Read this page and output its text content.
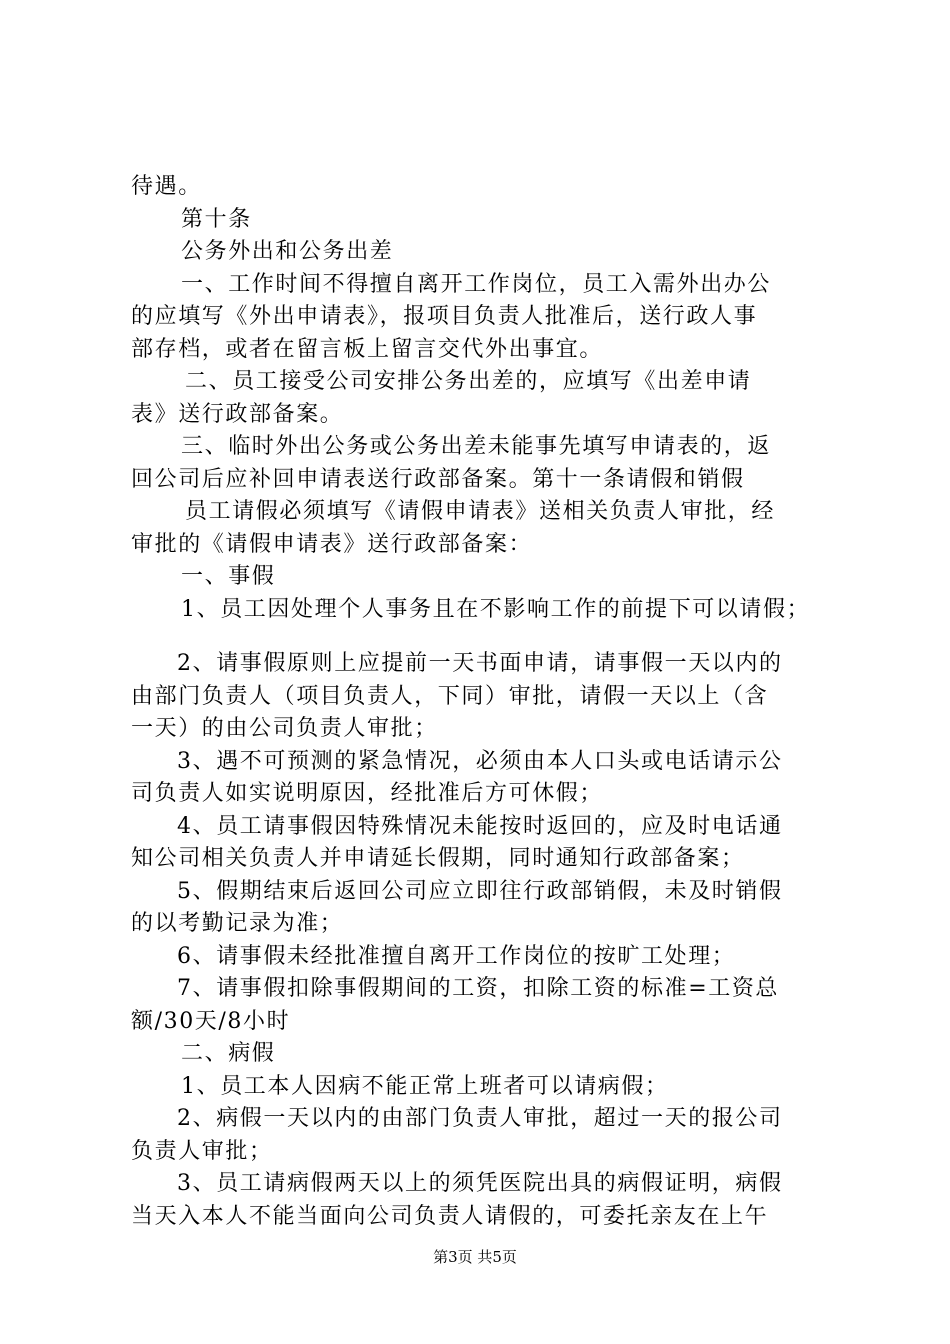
待遇。
第十条
公务外出和公务出差
一、工作时间不得擅自离开工作岗位，员工入需外出办公
的应填写《外出申请表》，报项目负责人批准后，送行政人事
部存档，或者在留言板上留言交代外出事宜。
二、员工接受公司安排公务出差的，应填写《出差申请
表》送行政部备案。
三、临时外出公务或公务出差未能事先填写申请表的，返
回公司后应补回申请表送行政部备案。第十一条请假和销假
员工请假必须填写《请假申请表》送相关负责人审批，经
审批的《请假申请表》送行政部备案：
一、事假
1、员工因处理个人事务且在不影响工作的前提下可以请假；
2、请事假原则上应提前一天书面申请，请事假一天以内的
由部门负责人（项目负责人，下同）审批，请假一天以上（含
一天）的由公司负责人审批；
3、遇不可预测的紧急情况，必须由本人口头或电话请示公
司负责人如实说明原因，经批准后方可休假；
4、员工请事假因特殊情况未能按时返回的，应及时电话通
知公司相关负责人并申请延长假期，同时通知行政部备案；
5、假期结束后返回公司应立即往行政部销假，未及时销假
的以考勤记录为准；
6、请事假未经批准擅自离开工作岗位的按旷工处理；
7、请事假扣除事假期间的工资，扣除工资的标准=工资总
额/30天/8小时
二、病假
1、员工本人因病不能正常上班者可以请病假；
2、病假一天以内的由部门负责人审批，超过一天的报公司
负责人审批；
3、员工请病假两天以上的须凭医院出具的病假证明，病假
当天入本人不能当面向公司负责人请假的，可委托亲友在上午
第3页 共5页
